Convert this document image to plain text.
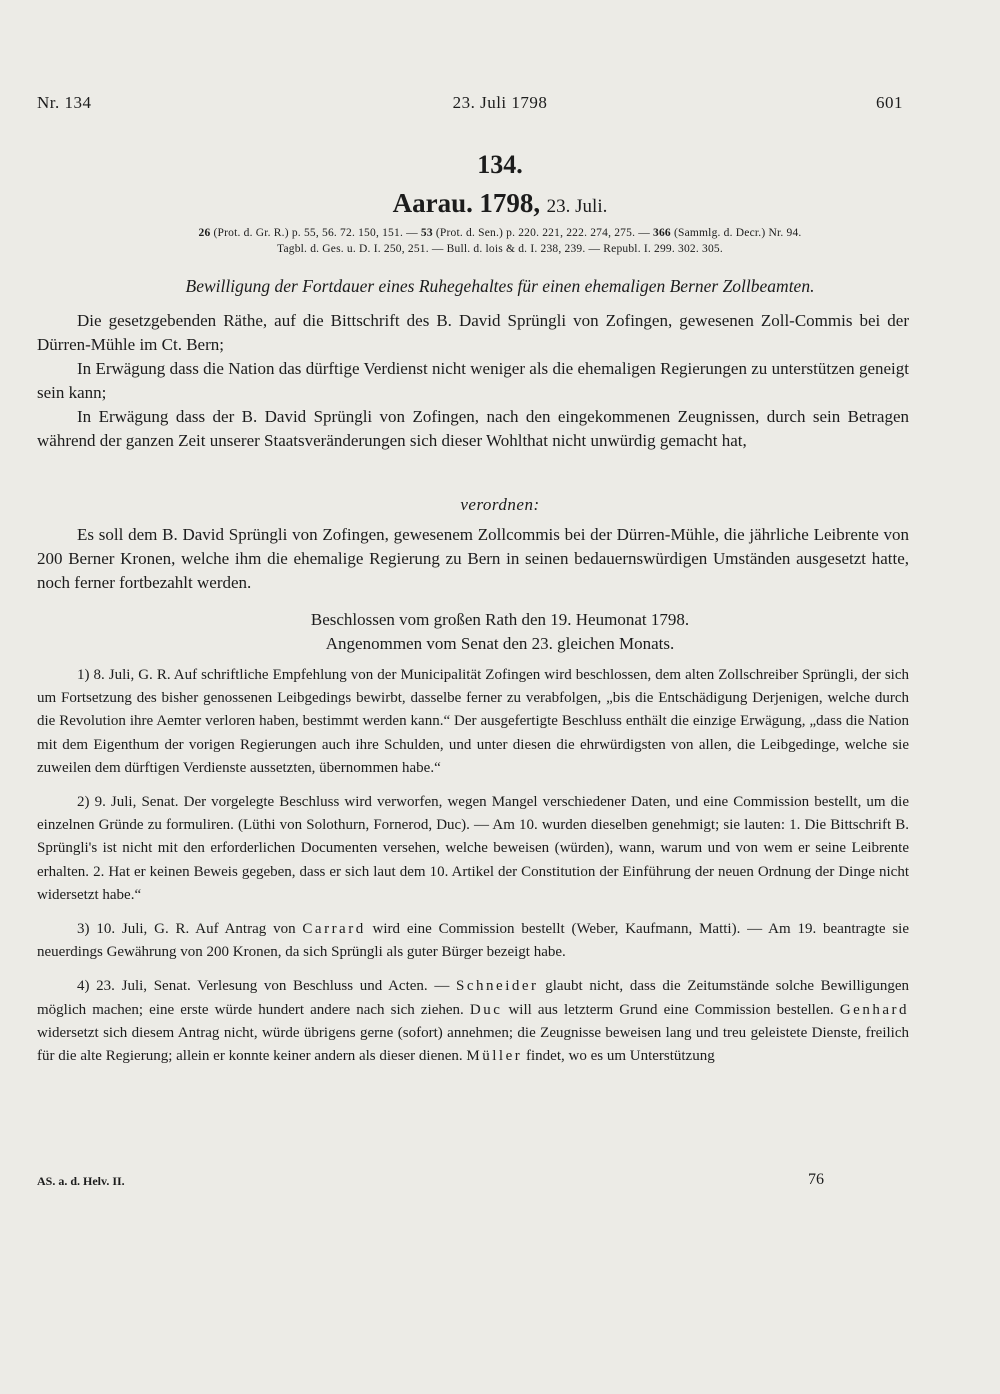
Nr. 134	23. Juli 1798	601
134.
Aarau. 1798, 23. Juli.
26 (Prot. d. Gr. R.) p. 55, 56. 72. 150, 151. — 53 (Prot. d. Sen.) p. 220. 221, 222. 274, 275. — 366 (Sammlg. d. Decr.) Nr. 94.
Tagbl. d. Ges. u. D. I. 250, 251. — Bull. d. lois & d. I. 238, 239. — Republ. I. 299. 302. 305.
Bewilligung der Fortdauer eines Ruhegehaltes für einen ehemaligen Berner Zollbeamten.

Die gesetzgebenden Räthe, auf die Bittschrift des B. David Sprüngli von Zofingen, gewesenen Zoll-Commis bei der Dürren-Mühle im Ct. Bern;

In Erwägung dass die Nation das dürftige Verdienst nicht weniger als die ehemaligen Regierungen zu unterstützen geneigt sein kann;

In Erwägung dass der B. David Sprüngli von Zofingen, nach den eingekommenen Zeugnissen, durch sein Betragen während der ganzen Zeit unserer Staatsveränderungen sich dieser Wohlthat nicht unwürdig gemacht hat,

verordnen:

Es soll dem B. David Sprüngli von Zofingen, gewesenem Zollcommis bei der Dürren-Mühle, die jährliche Leibrente von 200 Berner Kronen, welche ihm die ehemalige Regierung zu Bern in seinen bedauernswürdigen Umständen ausgesetzt hatte, noch ferner fortbezahlt werden.

Beschlossen vom großen Rath den 19. Heumonat 1798.
Angenommen vom Senat den 23. gleichen Monats.

1) 8. Juli, G. R. Auf schriftliche Empfehlung von der Municipalität Zofingen wird beschlossen, dem alten Zollschreiber Sprüngli, der sich um Fortsetzung des bisher genossenen Leibgedings bewirbt, dasselbe ferner zu verabfolgen, „bis die Entschädigung Derjenigen, welche durch die Revolution ihre Aemter verloren haben, bestimmt werden kann.“ Der ausgefertigte Beschluss enthält die einzige Erwägung, „dass die Nation mit dem Eigenthum der vorigen Regierungen auch ihre Schulden, und unter diesen die ehrwürdigsten von allen, die Leibgedinge, welche sie zuweilen dem dürftigen Verdienste aussetzten, übernommen habe.“

2) 9. Juli, Senat. Der vorgelegte Beschluss wird verworfen, wegen Mangel verschiedener Daten, und eine Commission bestellt, um die einzelnen Gründe zu formuliren. (Lüthi von Solothurn, Fornerod, Duc). — Am 10. wurden dieselben genehmigt; sie lauten: 1. Die Bittschrift B. Sprüngli's ist nicht mit den erforderlichen Documenten versehen, welche beweisen (würden), wann, warum und von wem er seine Leibrente erhalten. 2. Hat er keinen Beweis gegeben, dass er sich laut dem 10. Artikel der Constitution der Einführung der neuen Ordnung der Dinge nicht widersetzt habe.“

3) 10. Juli, G. R. Auf Antrag von Carrard wird eine Commission bestellt (Weber, Kaufmann, Matti). — Am 19. beantragte sie neuerdings Gewährung von 200 Kronen, da sich Sprüngli als guter Bürger bezeigt habe.

4) 23. Juli, Senat. Verlesung von Beschluss und Acten. — Schneider glaubt nicht, dass die Zeitumstände solche Bewilligungen möglich machen; eine erste würde hundert andere nach sich ziehen. Duc will aus letzterm Grund eine Commission bestellen. Genhard widersetzt sich diesem Antrag nicht, würde übrigens gerne (sofort) annehmen; die Zeugnisse beweisen lang und treu geleistete Dienste, freilich für die alte Regierung; allein er konnte keiner andern als dieser dienen. Müller findet, wo es um Unterstützung

AS. a. d. Helv. II.	76
